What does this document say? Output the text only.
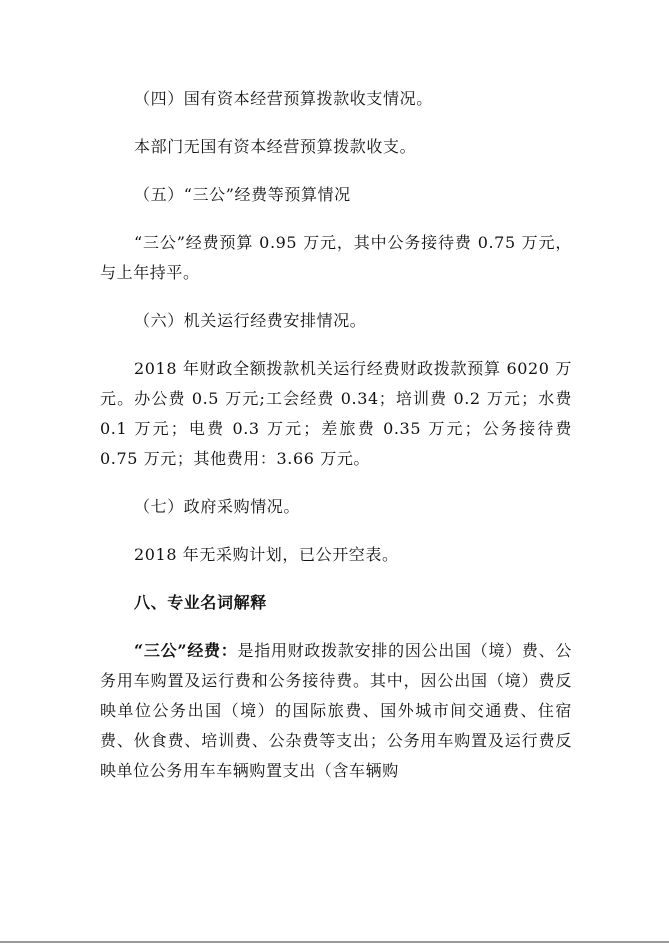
（四）国有资本经营预算拨款收支情况。

本部门无国有资本经营预算拨款收支。

（五）“三公”经费等预算情况

“三公”经费预算 0.95 万元，其中公务接待费 0.75 万元，与上年持平。

（六）机关运行经费安排情况。

2018 年财政全额拨款机关运行经费财政拨款预算 6020 万元。办公费 0.5 万元;工会经费 0.34；培训费 0.2 万元；水费 0.1 万元；电费 0.3 万元；差旅费 0.35 万元；公务接待费 0.75 万元；其他费用：3.66 万元。

（七）政府采购情况。

2018 年无采购计划，已公开空表。

八、专业名词解释

“三公”经费：是指用财政拨款安排的因公出国（境）费、公务用车购置及运行费和公务接待费。其中，因公出国（境）费反映单位公务出国（境）的国际旅费、国外城市间交通费、住宿费、伙食费、培训费、公杂费等支出；公务用车购置及运行费反映单位公务用车车辆购置支出（含车辆购
